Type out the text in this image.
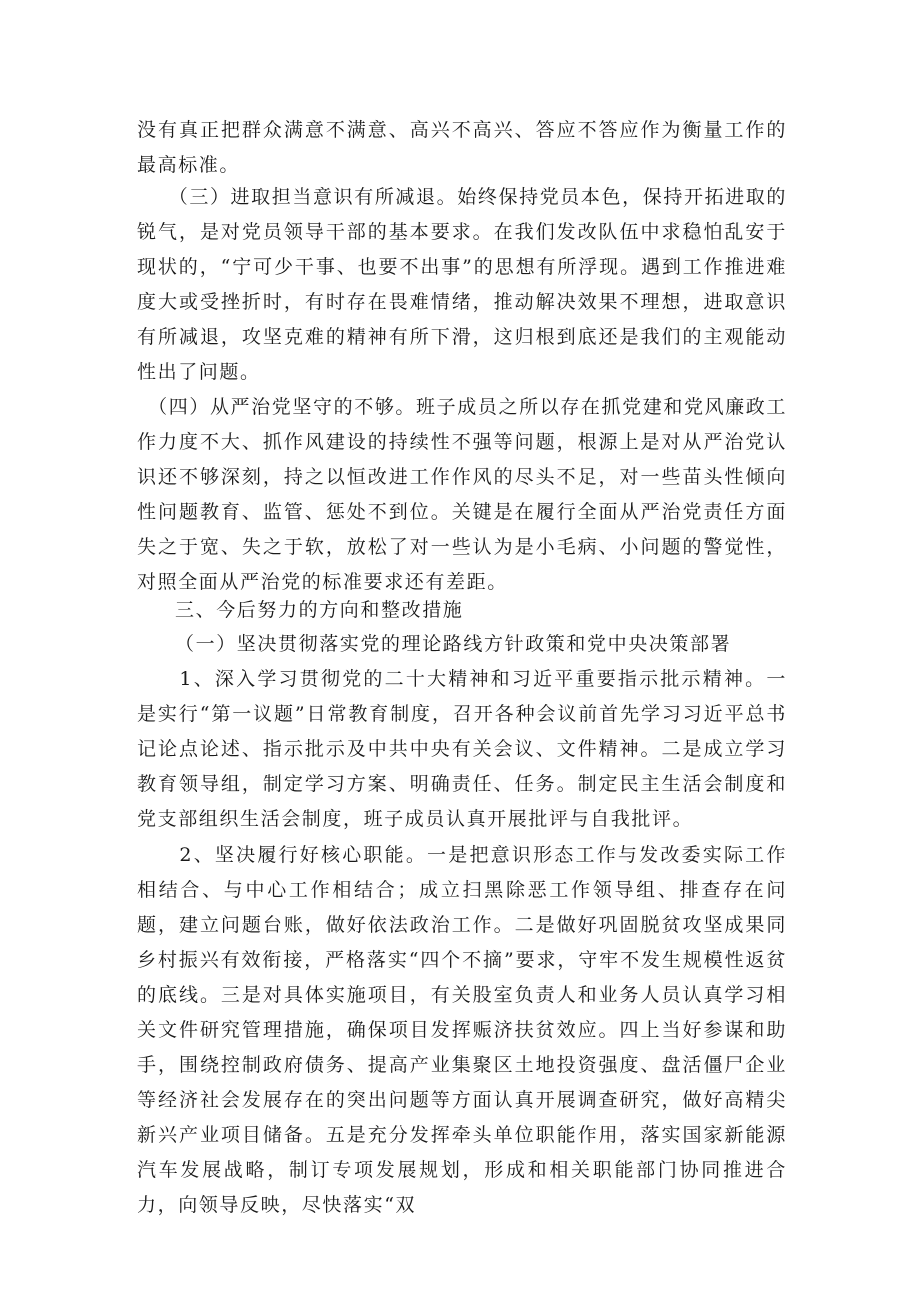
没有真正把群众满意不满意、高兴不高兴、答应不答应作为衡量工作的最高标准。

　　（三）进取担当意识有所减退。始终保持党员本色，保持开拓进取的锐气，是对党员领导干部的基本要求。在我们发改队伍中求稳怕乱安于现状的，“宁可少干事、也要不出事”的思想有所浮现。遇到工作推进难度大或受挫折时，有时存在畏难情绪，推动解决效果不理想，进取意识有所减退，攻坚克难的精神有所下滑，这归根到底还是我们的主观能动性出了问题。

　（四）从严治党坚守的不够。班子成员之所以存在抓党建和党风廉政工作力度不大、抓作风建设的持续性不强等问题，根源上是对从严治党认识还不够深刻，持之以恒改进工作作风的尽头不足，对一些苗头性倾向性问题教育、监管、惩处不到位。关键是在履行全面从严治党责任方面失之于宽、失之于软，放松了对一些认为是小毛病、小问题的警觉性，对照全面从严治党的标准要求还有差距。

三、今后努力的方向和整改措施

（一）坚决贯彻落实党的理论路线方针政策和党中央决策部署

　　1、深入学习贯彻党的二十大精神和习近平重要指示批示精神。一是实行“第一议题”日常教育制度，召开各种会议前首先学习习近平总书记论点论述、指示批示及中共中央有关会议、文件精神。二是成立学习教育领导组，制定学习方案、明确责任、任务。制定民主生活会制度和党支部组织生活会制度，班子成员认真开展批评与自我批评。

　　2、坚决履行好核心职能。一是把意识形态工作与发改委实际工作相结合、与中心工作相结合；成立扫黑除恶工作领导组、排查存在问题，建立问题台账，做好依法政治工作。二是做好巩固脱贫攻坚成果同乡村振兴有效衔接，严格落实“四个不摘”要求，守牢不发生规模性返贫的底线。三是对具体实施项目，有关股室负责人和业务人员认真学习相关文件研究管理措施，确保项目发挥赈济扶贫效应。四上当好参谋和助手，围绕控制政府债务、提高产业集聚区土地投资强度、盘活僵尸企业等经济社会发展存在的突出问题等方面认真开展调查研究，做好高精尖新兴产业项目储备。五是充分发挥牵头单位职能作用，落实国家新能源汽车发展战略，制订专项发展规划，形成和相关职能部门协同推进合力，向领导反映，尽快落实“双
